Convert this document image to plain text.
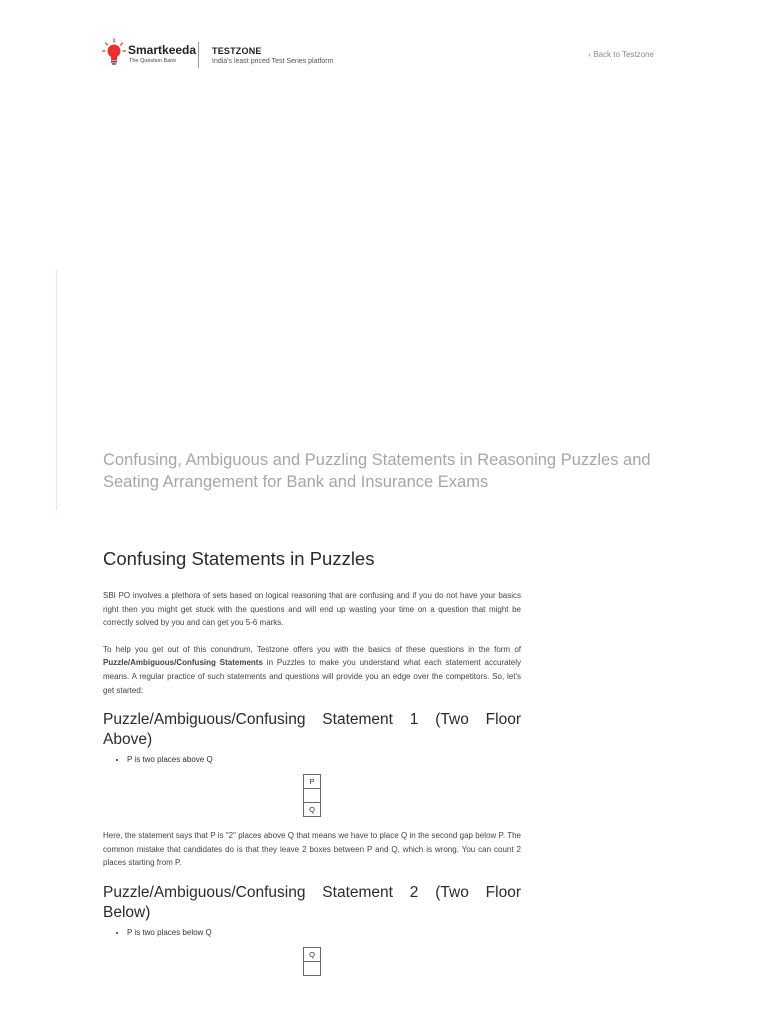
Smartkeeda
The Question Bank
TESTZONE
India's least priced Test Series platform
‹ Back to Testzone
Confusing, Ambiguous and Puzzling Statements in Reasoning Puzzles and Seating Arrangement for Bank and Insurance Exams
Confusing Statements in Puzzles

SBI PO involves a plethora of sets based on logical reasoning that are confusing and if you do not have your basics right then you might get stuck with the questions and will end up wasting your time on a question that might be correctly solved by you and can get you 5-6 marks.

To help you get out of this conundrum, Testzone offers you with the basics of these questions in the form of Puzzle/Ambiguous/Confusing Statements in Puzzles to make you understand what each statement accurately means. A regular practice of such statements and questions will provide you an edge over the competitors. So, let's get started:

Puzzle/Ambiguous/Confusing Statement 1 (Two Floor Above)
• P is two places above Q
P

Q

Here, the statement says that P is "2" places above Q that means we have to place Q in the second gap below P. The common mistake that candidates do is that they leave 2 boxes between P and Q, which is wrong. You can count 2 places starting from P.

Puzzle/Ambiguous/Confusing Statement 2 (Two Floor Below)
• P is two places below Q
Q
